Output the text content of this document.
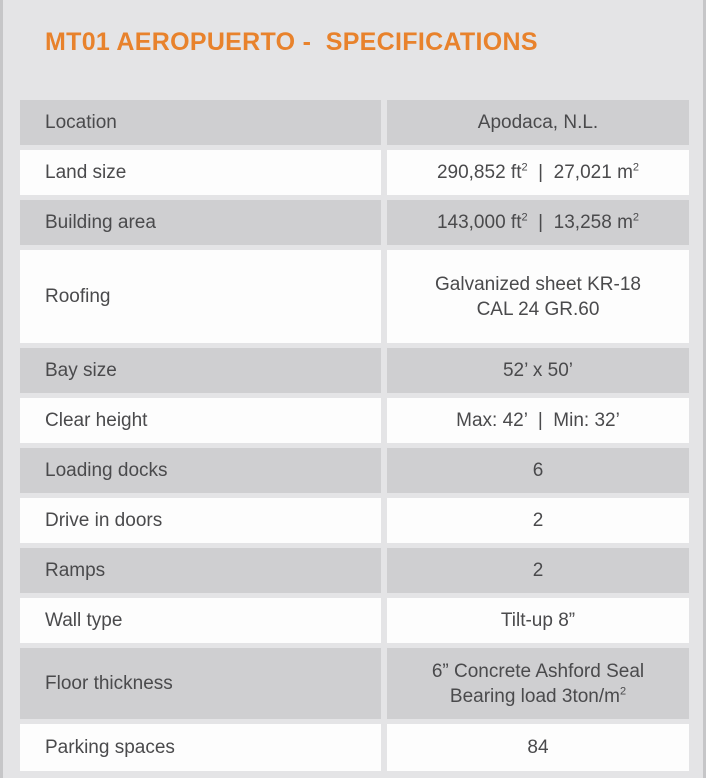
MT01 AEROPUERTO -  SPECIFICATIONS
Location	Apodaca, N.L.
Land size	290,852 $ft^2$  |  27,021 $m^2$
Building area	143,000 $ft^2$  |  13,258 $m^2$
Roofing	Galvanized sheet KR-18
CAL 24 GR.60

Bay size	52’ x 50’
Clear height	Max: 42’  |  Min: 32’
Loading docks	6
Drive in doors	2
Ramps	2
Wall type	Tilt-up 8”
Floor thickness	6” Concrete Ashford Seal
Bearing load $3ton/m^2$

Parking spaces	84
